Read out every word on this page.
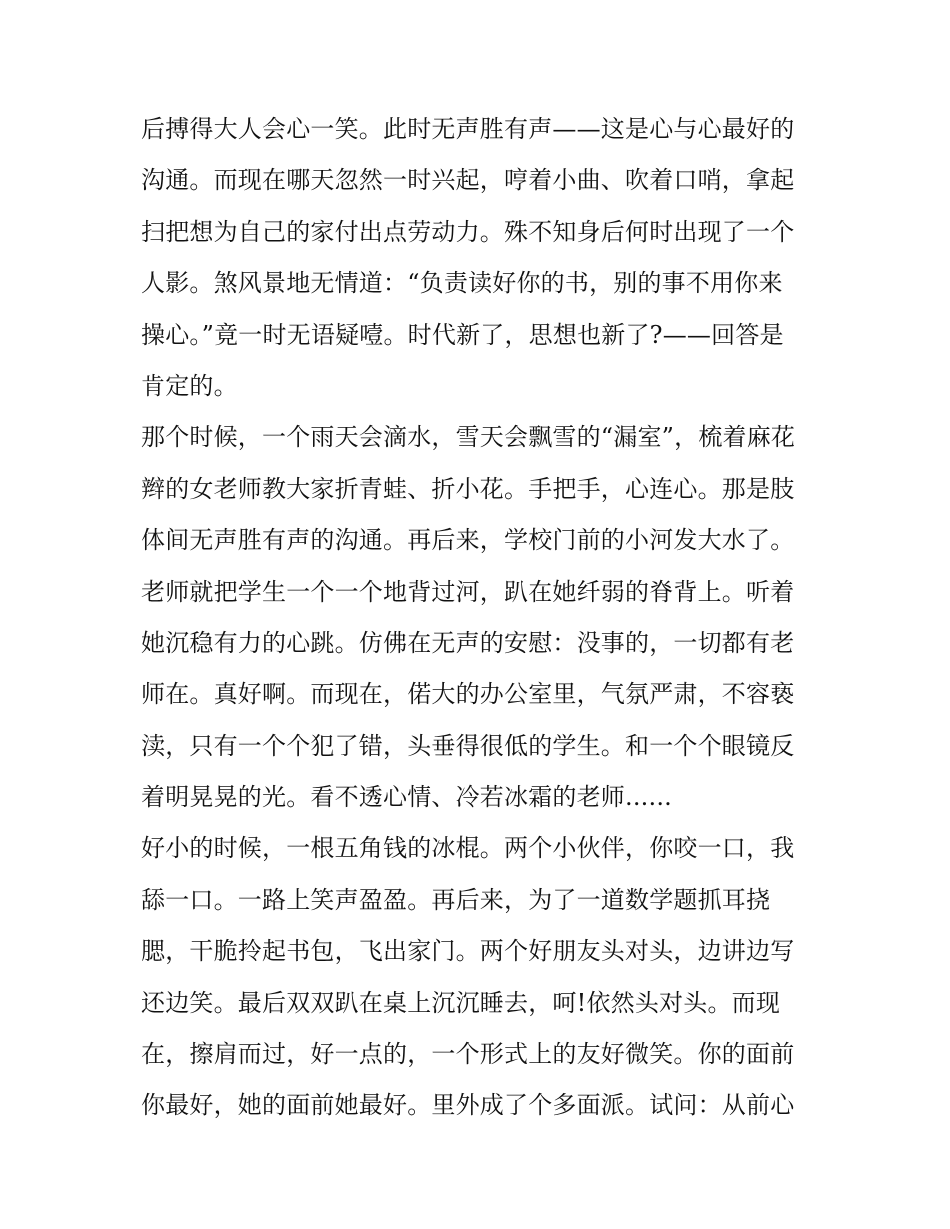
后搏得大人会心一笑。此时无声胜有声——这是心与心最好的
沟通。而现在哪天忽然一时兴起，哼着小曲、吹着口哨，拿起
扫把想为自己的家付出点劳动力。殊不知身后何时出现了一个
人影。煞风景地无情道：“负责读好你的书，别的事不用你来
操心。”竟一时无语疑噎。时代新了，思想也新了?——回答是
肯定的。
那个时候，一个雨天会滴水，雪天会飘雪的“漏室”，梳着麻花
辫的女老师教大家折青蛙、折小花。手把手，心连心。那是肢
体间无声胜有声的沟通。再后来，学校门前的小河发大水了。
老师就把学生一个一个地背过河，趴在她纤弱的脊背上。听着
她沉稳有力的心跳。仿佛在无声的安慰：没事的，一切都有老
师在。真好啊。而现在，偌大的办公室里，气氛严肃，不容亵
渎，只有一个个犯了错，头垂得很低的学生。和一个个眼镜反
着明晃晃的光。看不透心情、冷若冰霜的老师......
好小的时候，一根五角钱的冰棍。两个小伙伴，你咬一口，我
舔一口。一路上笑声盈盈。再后来，为了一道数学题抓耳挠
腮，干脆拎起书包，飞出家门。两个好朋友头对头，边讲边写
还边笑。最后双双趴在桌上沉沉睡去，呵!依然头对头。而现
在，擦肩而过，好一点的，一个形式上的友好微笑。你的面前
你最好，她的面前她最好。里外成了个多面派。试问：从前心
